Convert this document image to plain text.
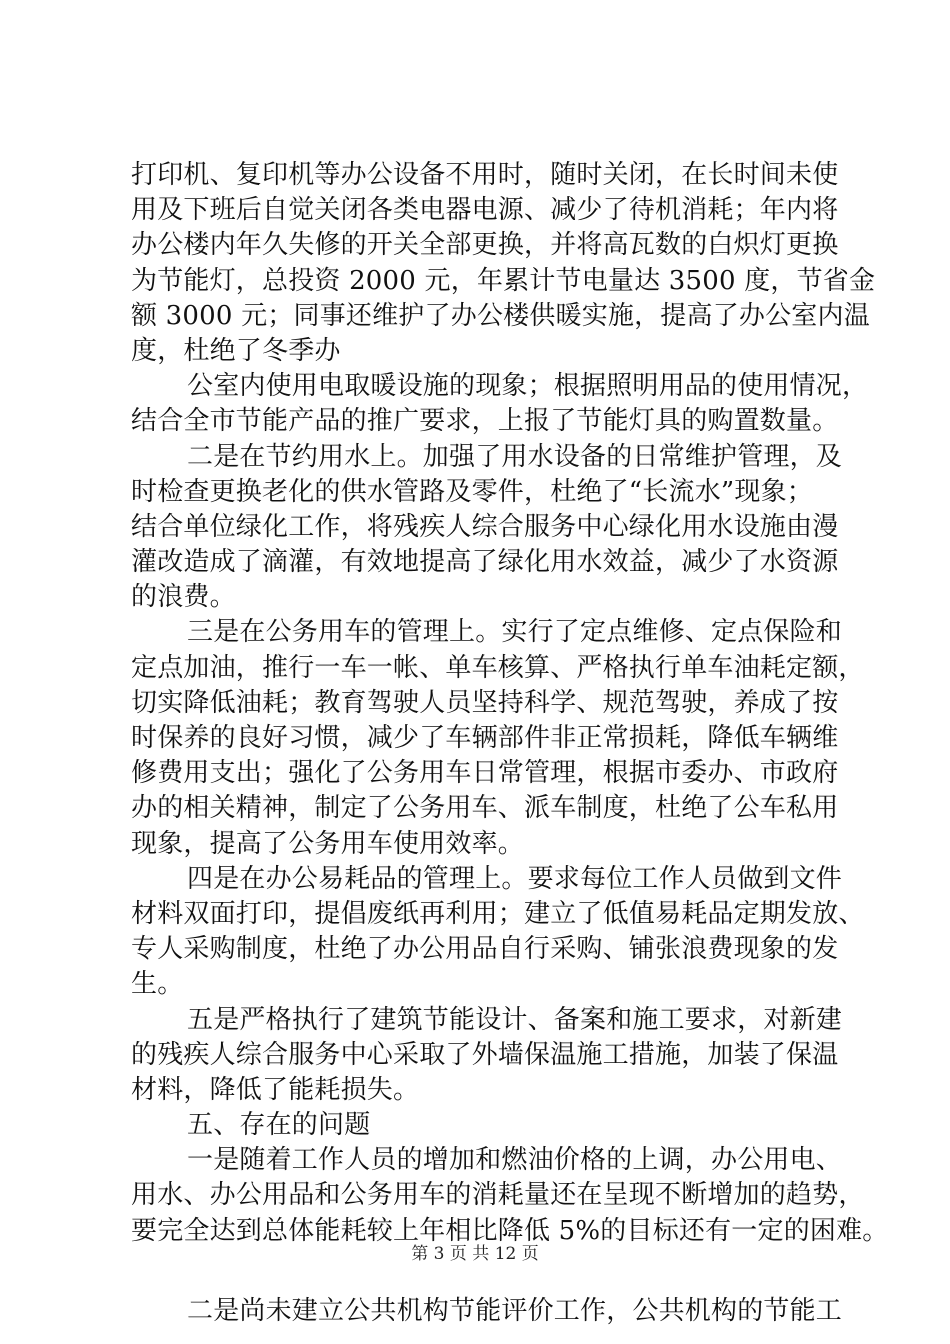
打印机、复印机等办公设备不用时，随时关闭，在长时间未使
用及下班后自觉关闭各类电器电源、减少了待机消耗；年内将
办公楼内年久失修的开关全部更换，并将高瓦数的白炽灯更换
为节能灯，总投资 2000 元，年累计节电量达 3500 度，节省金
额 3000 元；同事还维护了办公楼供暖实施，提高了办公室内温
度，杜绝了冬季办
公室内使用电取暖设施的现象；根据照明用品的使用情况，
结合全市节能产品的推广要求，上报了节能灯具的购置数量。
二是在节约用水上。加强了用水设备的日常维护管理，及
时检查更换老化的供水管路及零件，杜绝了“长流水”现象；
结合单位绿化工作，将残疾人综合服务中心绿化用水设施由漫
灌改造成了滴灌，有效地提高了绿化用水效益，减少了水资源
的浪费。
三是在公务用车的管理上。实行了定点维修、定点保险和
定点加油，推行一车一帐、单车核算、严格执行单车油耗定额，
切实降低油耗；教育驾驶人员坚持科学、规范驾驶，养成了按
时保养的良好习惯，减少了车辆部件非正常损耗，降低车辆维
修费用支出；强化了公务用车日常管理，根据市委办、市政府
办的相关精神，制定了公务用车、派车制度，杜绝了公车私用
现象，提高了公务用车使用效率。
四是在办公易耗品的管理上。要求每位工作人员做到文件
材料双面打印，提倡废纸再利用；建立了低值易耗品定期发放、
专人采购制度，杜绝了办公用品自行采购、铺张浪费现象的发
生。
五是严格执行了建筑节能设计、备案和施工要求，对新建
的残疾人综合服务中心采取了外墙保温施工措施，加装了保温
材料，降低了能耗损失。
五、存在的问题
一是随着工作人员的增加和燃油价格的上调，办公用电、
用水、办公用品和公务用车的消耗量还在呈现不断增加的趋势，
要完全达到总体能耗较上年相比降低 5%的目标还有一定的困难。
二是尚未建立公共机构节能评价工作，公共机构的节能工
第 3 页 共 12 页
